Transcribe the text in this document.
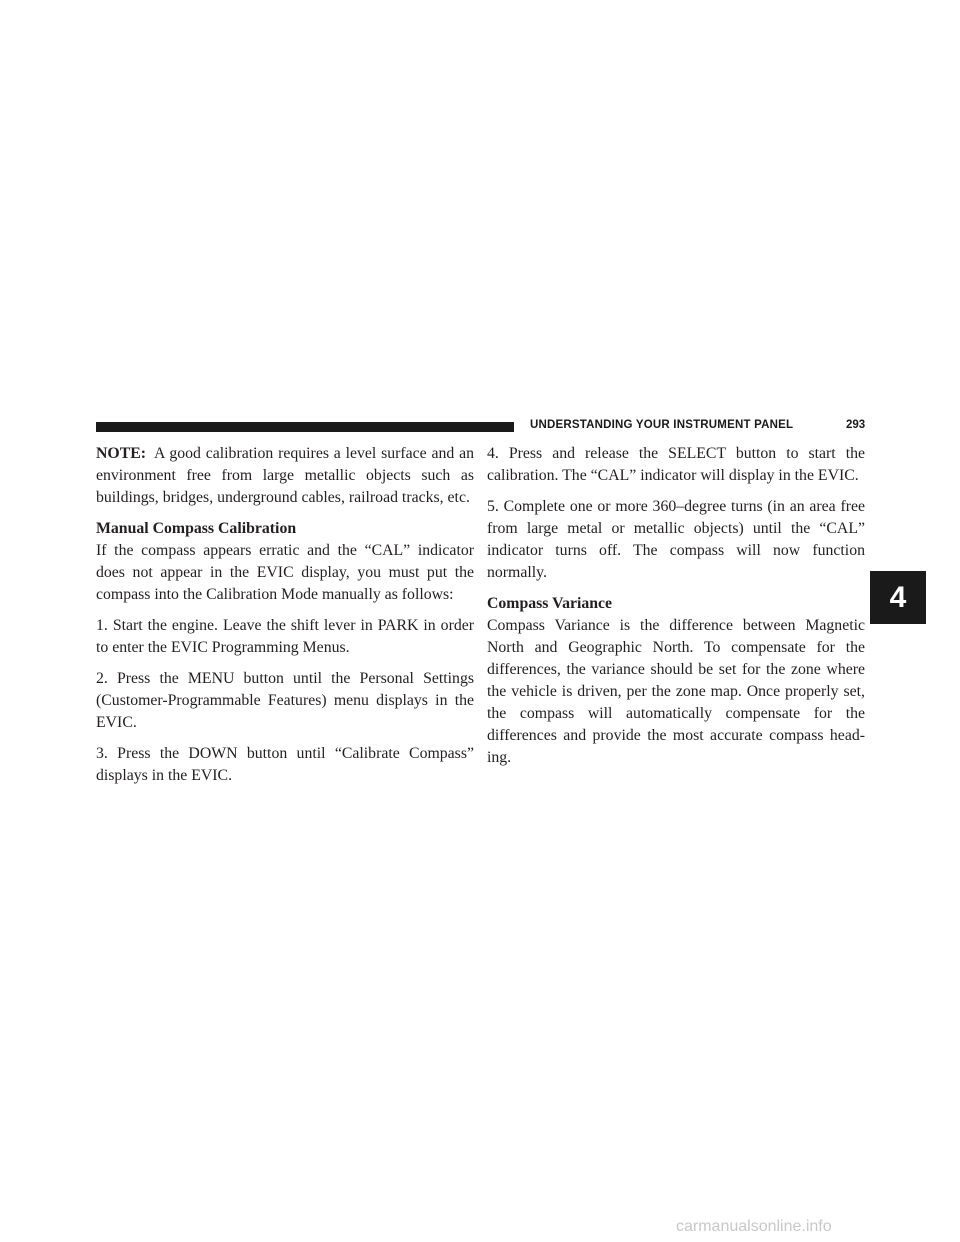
UNDERSTANDING YOUR INSTRUMENT PANEL	293

NOTE: A good calibration requires a level surface and an environment free from large metallic objects such as buildings, bridges, underground cables, railroad tracks, etc.

Manual Compass Calibration

If the compass appears erratic and the “CAL” indicator does not appear in the EVIC display, you must put the compass into the Calibration Mode manually as follows:

1. Start the engine. Leave the shift lever in PARK in order to enter the EVIC Programming Menus.

2. Press the MENU button until the Personal Settings (Customer-Programmable Features) menu displays in the EVIC.

3. Press the DOWN button until “Calibrate Compass” displays in the EVIC.

4. Press and release the SELECT button to start the calibration. The “CAL” indicator will display in the EVIC.

5. Complete one or more 360–degree turns (in an area free from large metal or metallic objects) until the “CAL” indicator turns off. The compass will now function normally.

Compass Variance

Compass Variance is the difference between Magnetic North and Geographic North. To compensate for the differences, the variance should be set for the zone where the vehicle is driven, per the zone map. Once properly set, the compass will automatically compensate for the differences and provide the most accurate compass head-ing.

4
carmanualsonline.info
